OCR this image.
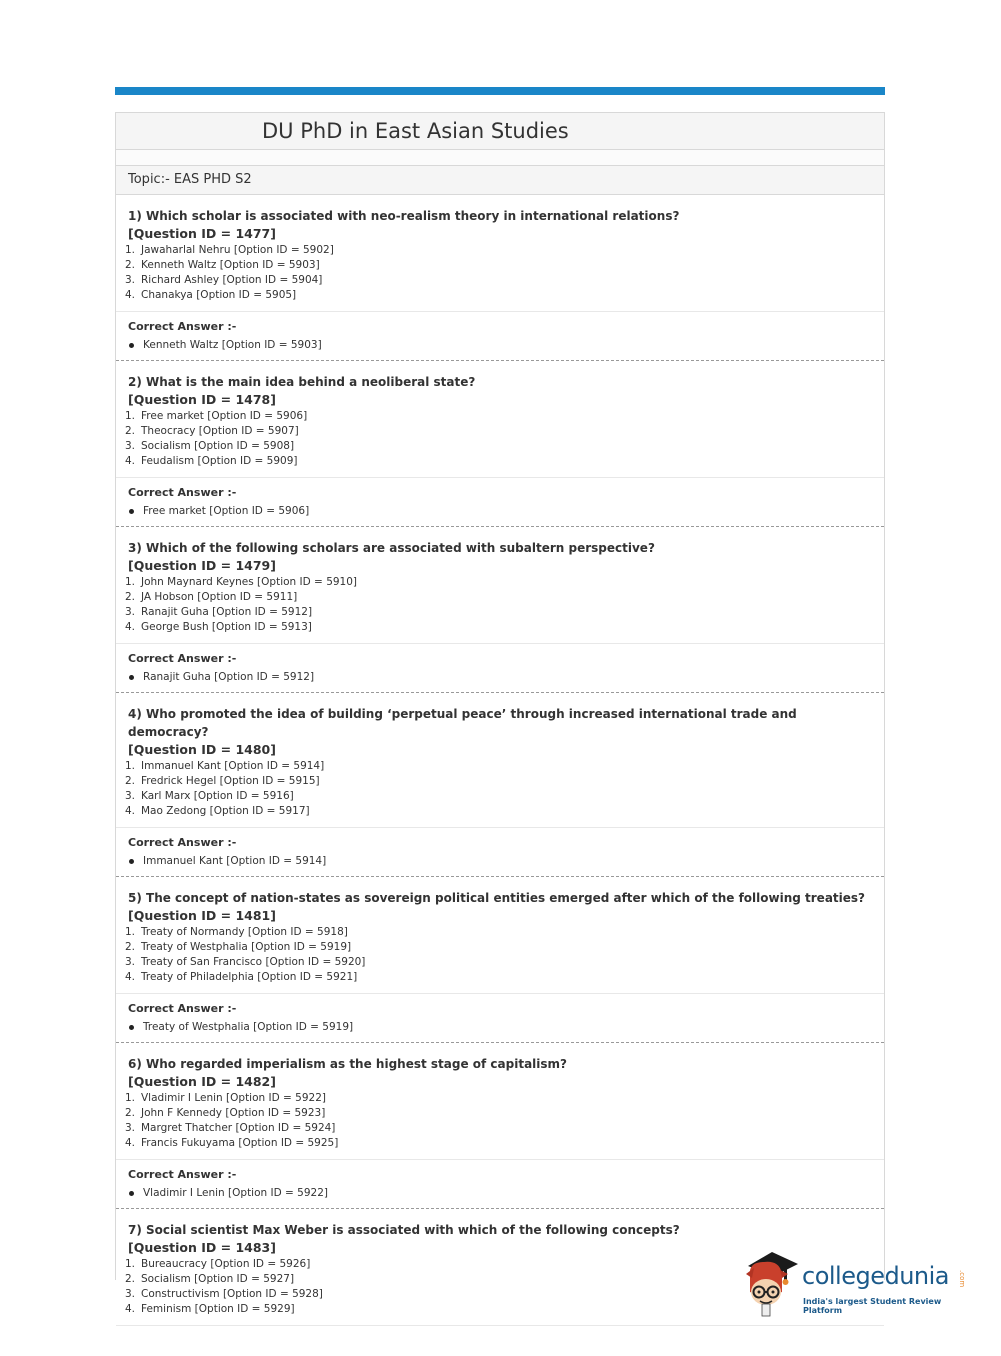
DU PhD in East Asian Studies
Topic:- EAS PHD S2
1) Which scholar is associated with neo-realism theory in international relations?
[Question ID = 1477]
1. Jawaharlal Nehru [Option ID = 5902]
2. Kenneth Waltz [Option ID = 5903]
3. Richard Ashley [Option ID = 5904]
4. Chanakya [Option ID = 5905]
Correct Answer :-
Kenneth Waltz [Option ID = 5903]
2) What is the main idea behind a neoliberal state?
[Question ID = 1478]
1. Free market [Option ID = 5906]
2. Theocracy [Option ID = 5907]
3. Socialism [Option ID = 5908]
4. Feudalism [Option ID = 5909]
Correct Answer :-
Free market [Option ID = 5906]
3) Which of the following scholars are associated with subaltern perspective?
[Question ID = 1479]
1. John Maynard Keynes [Option ID = 5910]
2. JA Hobson [Option ID = 5911]
3. Ranajit Guha [Option ID = 5912]
4. George Bush [Option ID = 5913]
Correct Answer :-
Ranajit Guha [Option ID = 5912]
4) Who promoted the idea of building ‘perpetual peace’ through increased international trade and democracy?
[Question ID = 1480]
1. Immanuel Kant [Option ID = 5914]
2. Fredrick Hegel [Option ID = 5915]
3. Karl Marx [Option ID = 5916]
4. Mao Zedong [Option ID = 5917]
Correct Answer :-
Immanuel Kant [Option ID = 5914]
5) The concept of nation-states as sovereign political entities emerged after which of the following treaties?
[Question ID = 1481]
1. Treaty of Normandy [Option ID = 5918]
2. Treaty of Westphalia [Option ID = 5919]
3. Treaty of San Francisco [Option ID = 5920]
4. Treaty of Philadelphia [Option ID = 5921]
Correct Answer :-
Treaty of Westphalia [Option ID = 5919]
6) Who regarded imperialism as the highest stage of capitalism?
[Question ID = 1482]
1. Vladimir I Lenin [Option ID = 5922]
2. John F Kennedy [Option ID = 5923]
3. Margret Thatcher [Option ID = 5924]
4. Francis Fukuyama [Option ID = 5925]
Correct Answer :-
Vladimir I Lenin [Option ID = 5922]
7) Social scientist Max Weber is associated with which of the following concepts?
[Question ID = 1483]
1. Bureaucracy [Option ID = 5926]
2. Socialism [Option ID = 5927]
3. Constructivism [Option ID = 5928]
4. Feminism [Option ID = 5929]
collegedunia .com
India's largest Student Review Platform
